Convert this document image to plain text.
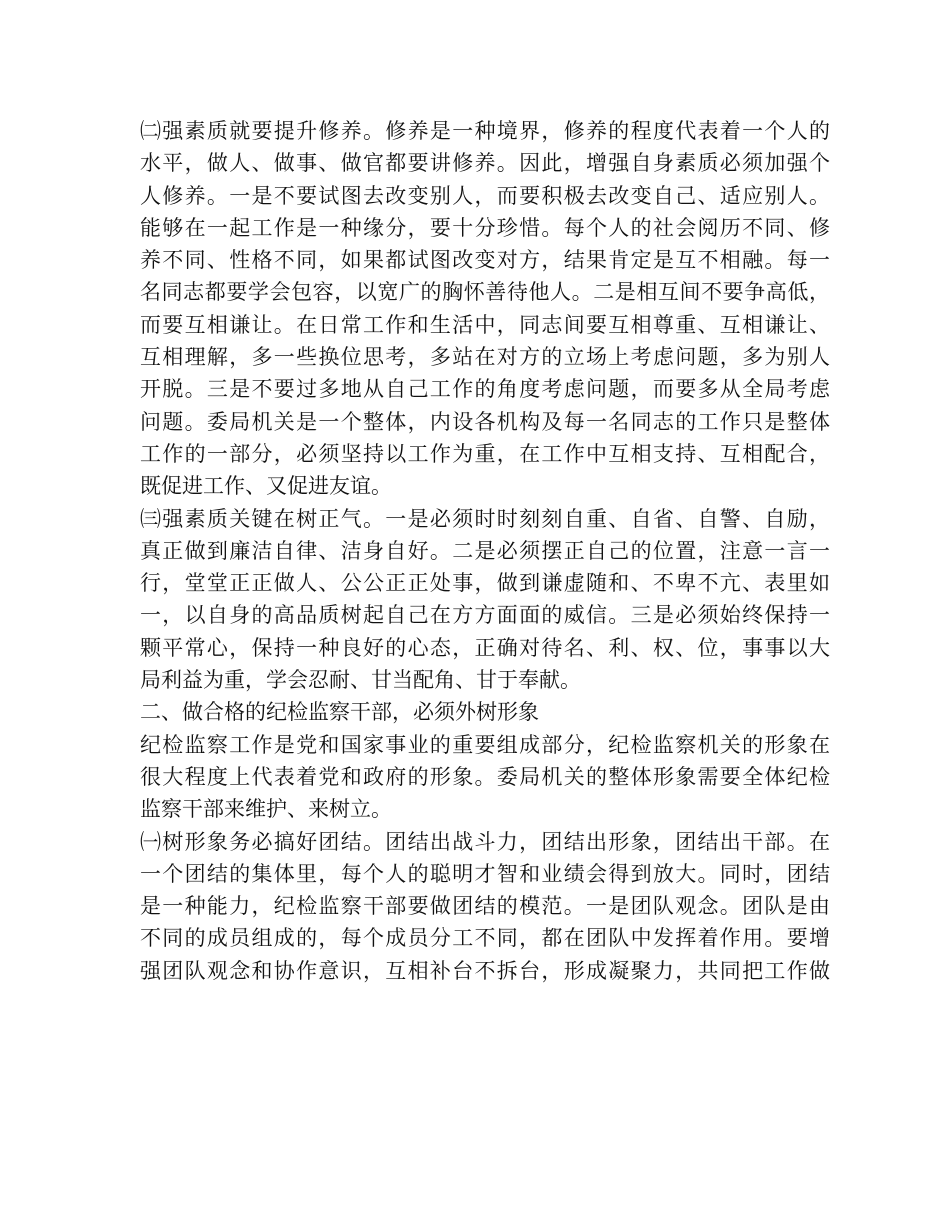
㈡强素质就要提升修养。修养是一种境界，修养的程度代表着一个人的
水平，做人、做事、做官都要讲修养。因此，增强自身素质必须加强个
人修养。一是不要试图去改变别人，而要积极去改变自己、适应别人。
能够在一起工作是一种缘分，要十分珍惜。每个人的社会阅历不同、修
养不同、性格不同，如果都试图改变对方，结果肯定是互不相融。每一
名同志都要学会包容，以宽广的胸怀善待他人。二是相互间不要争高低，
而要互相谦让。在日常工作和生活中，同志间要互相尊重、互相谦让、
互相理解，多一些换位思考，多站在对方的立场上考虑问题，多为别人
开脱。三是不要过多地从自己工作的角度考虑问题，而要多从全局考虑
问题。委局机关是一个整体，内设各机构及每一名同志的工作只是整体
工作的一部分，必须坚持以工作为重，在工作中互相支持、互相配合，
既促进工作、又促进友谊。
㈢强素质关键在树正气。一是必须时时刻刻自重、自省、自警、自励，
真正做到廉洁自律、洁身自好。二是必须摆正自己的位置，注意一言一
行，堂堂正正做人、公公正正处事，做到谦虚随和、不卑不亢、表里如
一，以自身的高品质树起自己在方方面面的威信。三是必须始终保持一
颗平常心，保持一种良好的心态，正确对待名、利、权、位，事事以大
局利益为重，学会忍耐、甘当配角、甘于奉献。
二、做合格的纪检监察干部，必须外树形象
纪检监察工作是党和国家事业的重要组成部分，纪检监察机关的形象在
很大程度上代表着党和政府的形象。委局机关的整体形象需要全体纪检
监察干部来维护、来树立。
㈠树形象务必搞好团结。团结出战斗力，团结出形象，团结出干部。在
一个团结的集体里，每个人的聪明才智和业绩会得到放大。同时，团结
是一种能力，纪检监察干部要做团结的模范。一是团队观念。团队是由
不同的成员组成的，每个成员分工不同，都在团队中发挥着作用。要增
强团队观念和协作意识，互相补台不拆台，形成凝聚力，共同把工作做
